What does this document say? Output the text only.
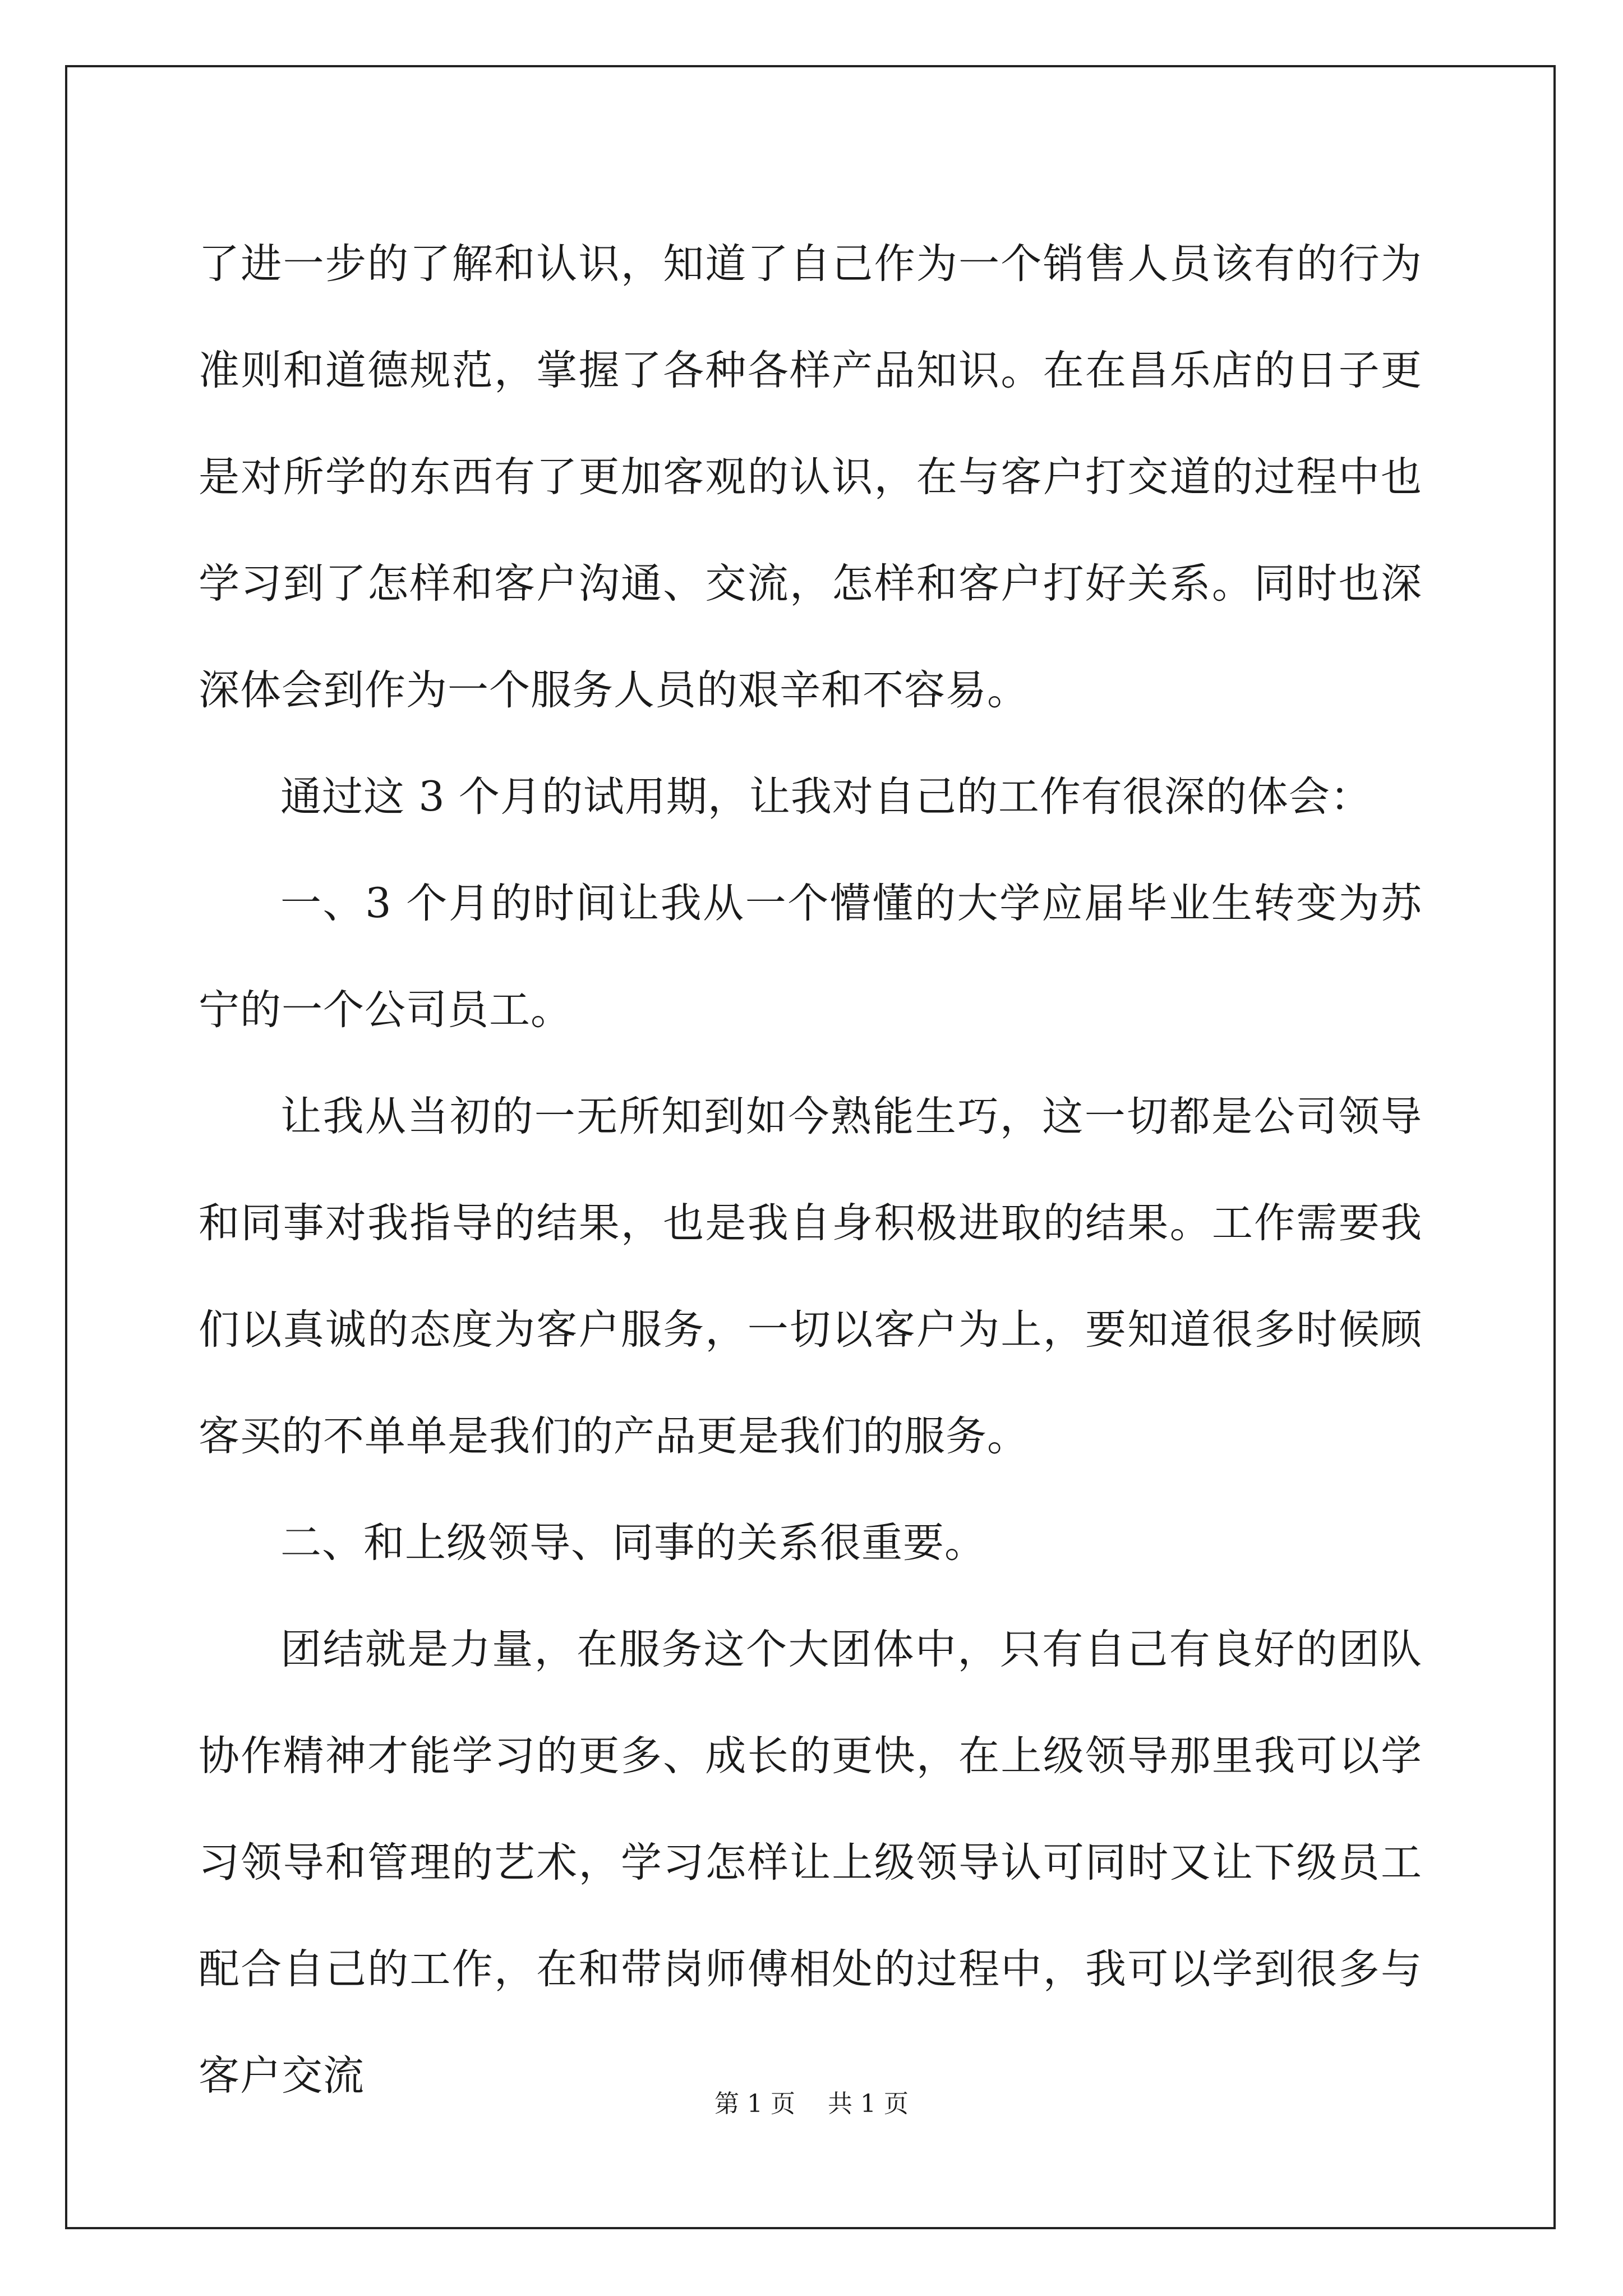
了进一步的了解和认识，知道了自己作为一个销售人员该有的行为准则和道德规范，掌握了各种各样产品知识。在在昌乐店的日子更是对所学的东西有了更加客观的认识，在与客户打交道的过程中也学习到了怎样和客户沟通、交流，怎样和客户打好关系。同时也深深体会到作为一个服务人员的艰辛和不容易。

通过这 3 个月的试用期，让我对自己的工作有很深的体会：

一、3 个月的时间让我从一个懵懂的大学应届毕业生转变为苏宁的一个公司员工。

让我从当初的一无所知到如今熟能生巧，这一切都是公司领导和同事对我指导的结果，也是我自身积极进取的结果。工作需要我们以真诚的态度为客户服务，一切以客户为上，要知道很多时候顾客买的不单单是我们的产品更是我们的服务。

二、和上级领导、同事的关系很重要。

团结就是力量，在服务这个大团体中，只有自己有良好的团队协作精神才能学习的更多、成长的更快，在上级领导那里我可以学习领导和管理的艺术，学习怎样让上级领导认可同时又让下级员工配合自己的工作，在和带岗师傅相处的过程中，我可以学到很多与客户交流

第 1 页　 共 1 页
